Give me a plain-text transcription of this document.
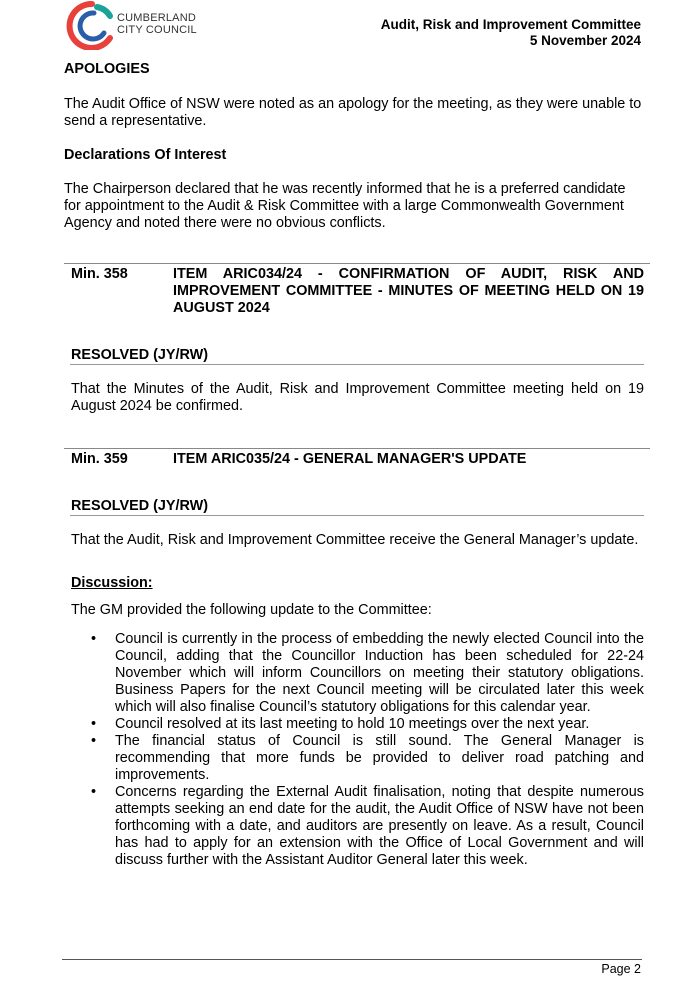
CUMBERLAND
CITY COUNCIL	Audit, Risk and Improvement Committee
5 November 2024
APOLOGIES
The Audit Office of NSW were noted as an apology for the meeting, as they were unable to send a representative.
Declarations Of Interest
The Chairperson declared that he was recently informed that he is a preferred candidate for appointment to the Audit & Risk Committee with a large Commonwealth Government Agency and noted there were no obvious conflicts.
Min. 358	ITEM ARIC034/24 - CONFIRMATION OF AUDIT, RISK AND IMPROVEMENT COMMITTEE - MINUTES OF MEETING HELD ON 19 AUGUST 2024
RESOLVED (JY/RW)
That the Minutes of the Audit, Risk and Improvement Committee meeting held on 19 August 2024 be confirmed.
Min. 359	ITEM ARIC035/24 - GENERAL MANAGER'S UPDATE
RESOLVED (JY/RW)
That the Audit, Risk and Improvement Committee receive the General Manager’s update.
Discussion:
The GM provided the following update to the Committee:
• Council is currently in the process of embedding the newly elected Council into the Council, adding that the Councillor Induction has been scheduled for 22-24 November which will inform Councillors on meeting their statutory obligations. Business Papers for the next Council meeting will be circulated later this week which will also finalise Council’s statutory obligations for this calendar year.
• Council resolved at its last meeting to hold 10 meetings over the next year.
• The financial status of Council is still sound. The General Manager is recommending that more funds be provided to deliver road patching and improvements.
• Concerns regarding the External Audit finalisation, noting that despite numerous attempts seeking an end date for the audit, the Audit Office of NSW have not been forthcoming with a date, and auditors are presently on leave. As a result, Council has had to apply for an extension with the Office of Local Government and will discuss further with the Assistant Auditor General later this week.
Page 2
